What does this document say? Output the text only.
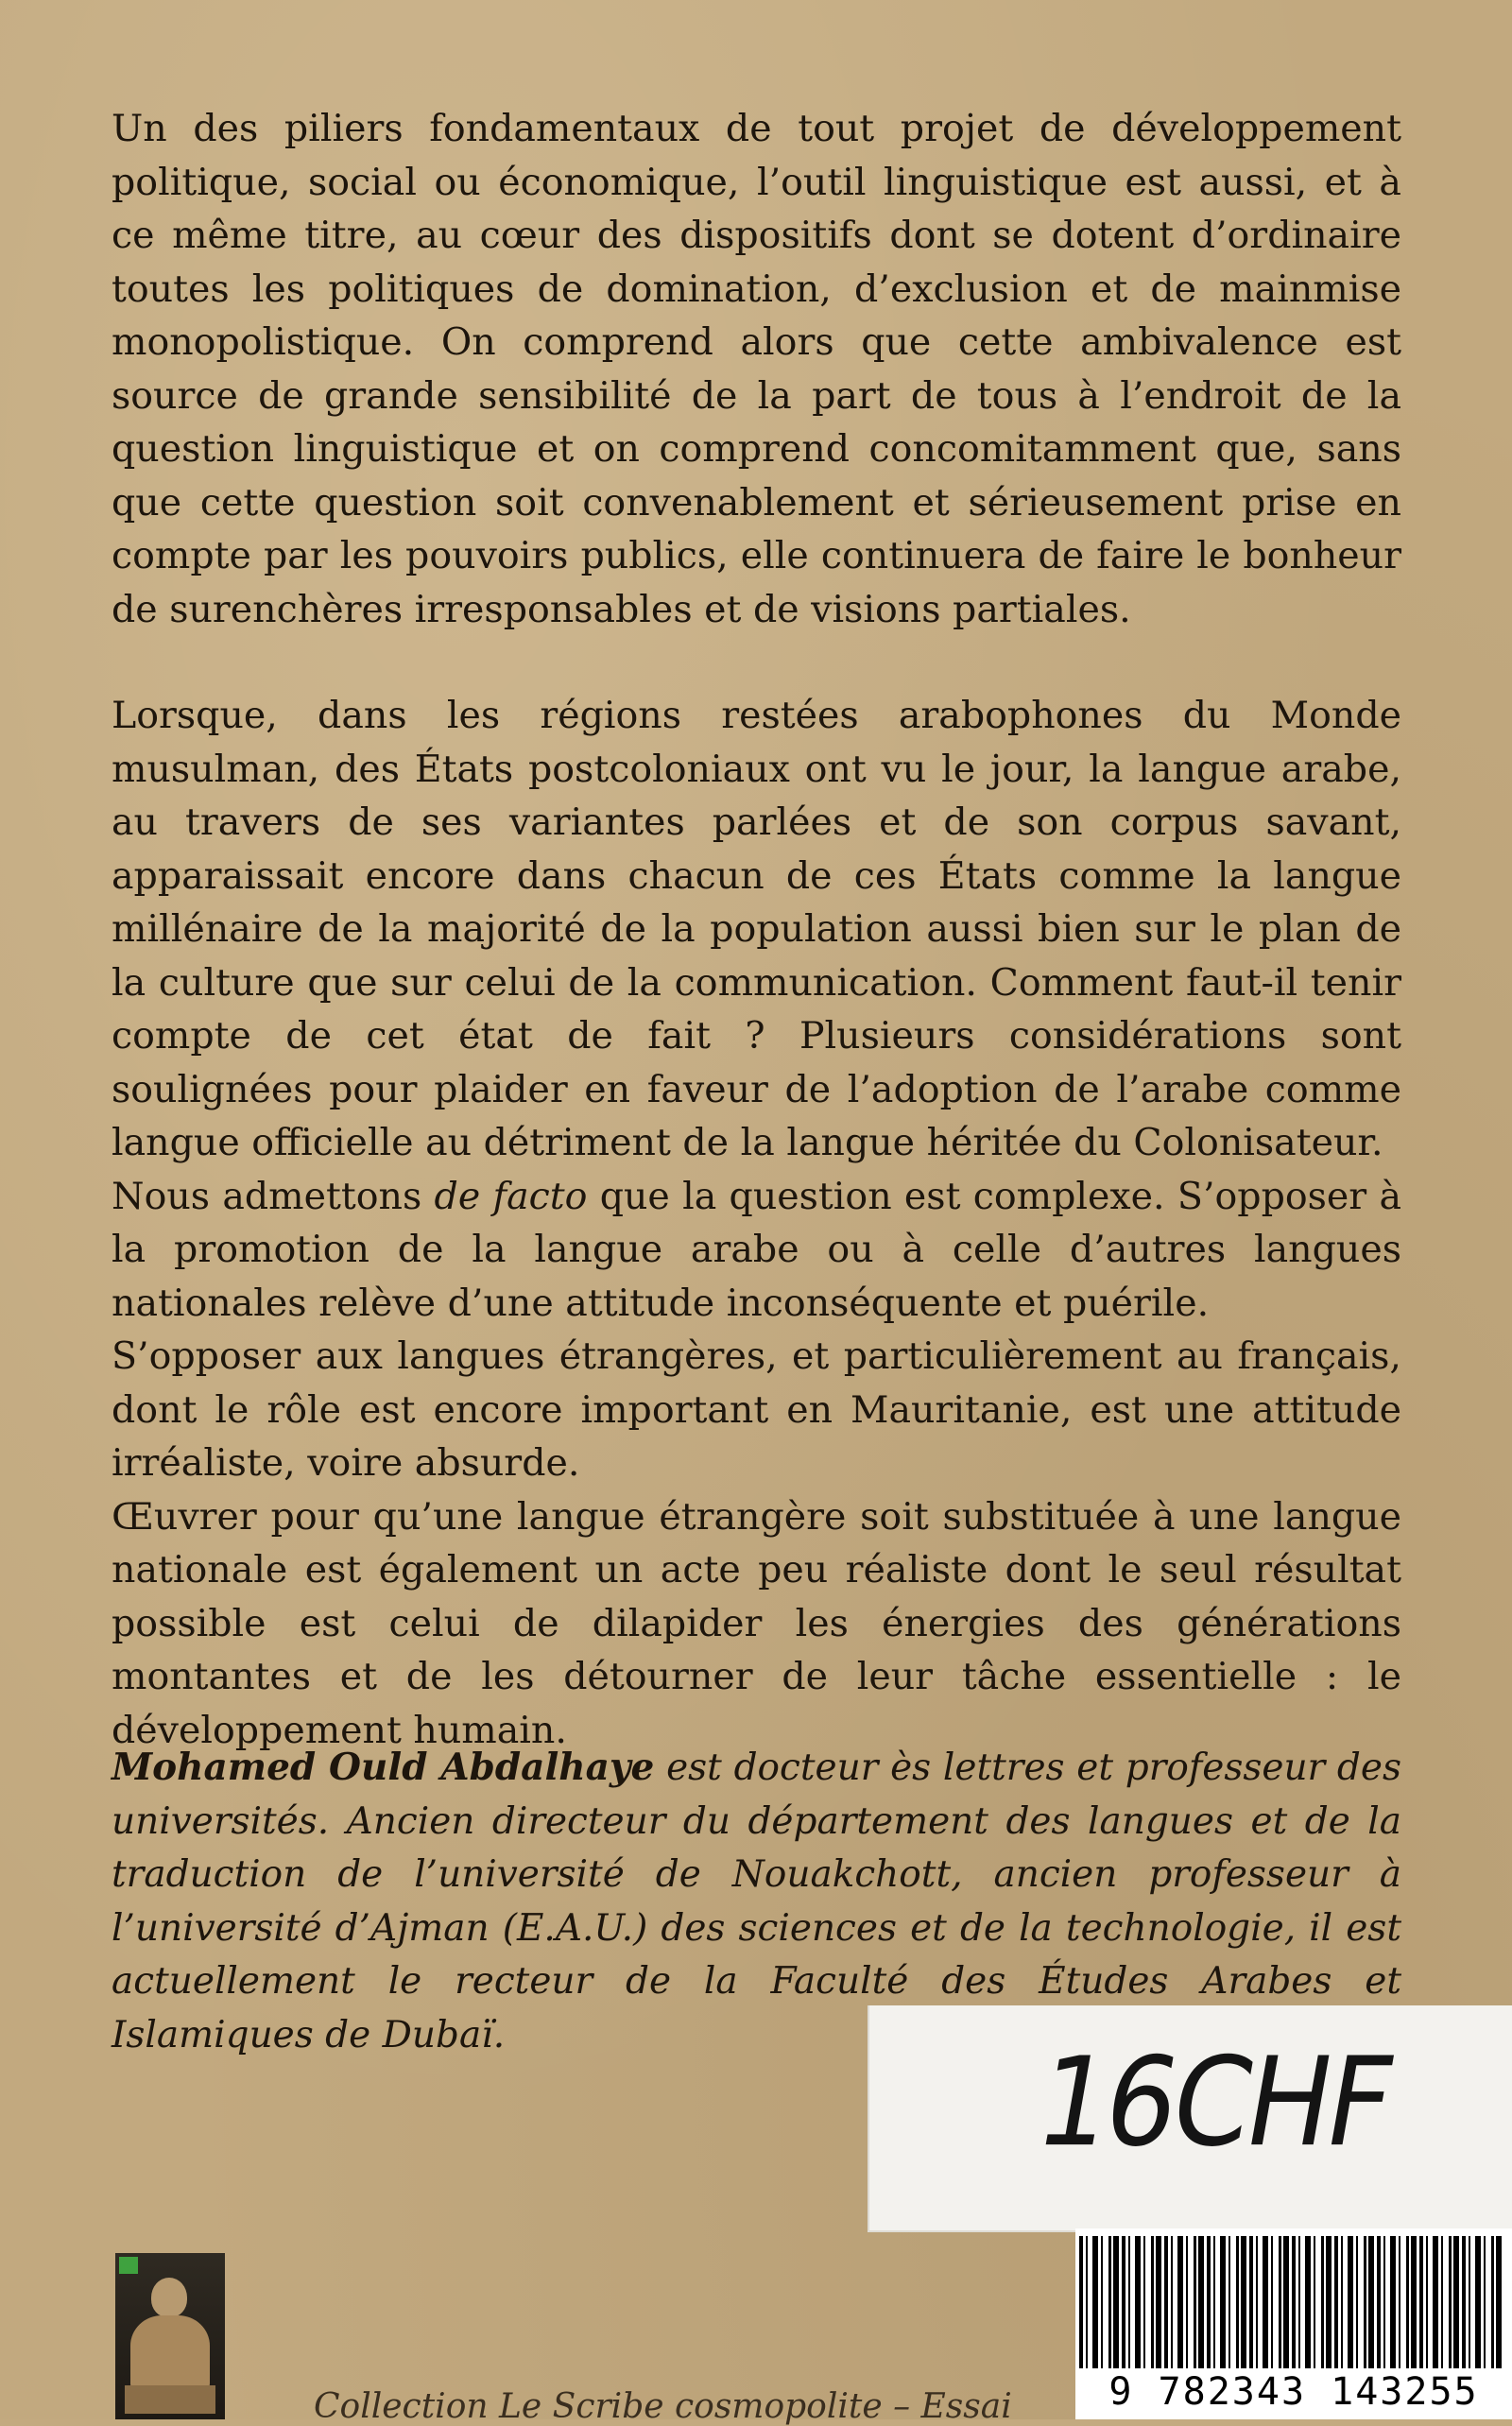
Un des piliers fondamentaux de tout projet de développement politique, social ou économique, l’outil linguistique est aussi, et à ce même titre, au cœur des dispositifs dont se dotent d’ordinaire toutes les politiques de domination, d’exclusion et de mainmise monopolistique. On comprend alors que cette ambivalence est source de grande sensibilité de la part de tous à l’endroit de la question linguistique et on comprend concomitamment que, sans que cette question soit convenablement et sérieusement prise en compte par les pouvoirs publics, elle continuera de faire le bonheur de surenchères irresponsables et de visions partiales.

Lorsque, dans les régions restées arabophones du Monde musulman, des États postcoloniaux ont vu le jour, la langue arabe, au travers de ses variantes parlées et de son corpus savant, apparaissait encore dans chacun de ces États comme la langue millénaire de la majorité de la population aussi bien sur le plan de la culture que sur celui de la communication. Comment faut-il tenir compte de cet état de fait ? Plusieurs considérations sont soulignées pour plaider en faveur de l’adoption de l’arabe comme langue officielle au détriment de la langue héritée du Colonisateur.

Nous admettons de facto que la question est complexe. S’opposer à la promotion de la langue arabe ou à celle d’autres langues nationales relève d’une attitude inconséquente et puérile.

S’opposer aux langues étrangères, et particulièrement au français, dont le rôle est encore important en Mauritanie, est une attitude irréaliste, voire absurde.

Œuvrer pour qu’une langue étrangère soit substituée à une langue nationale est également un acte peu réaliste dont le seul résultat possible est celui de dilapider les énergies des générations montantes et de les détourner de leur tâche essentielle : le développement humain.

Mohamed Ould Abdalhaye est docteur ès lettres et professeur des universités. Ancien directeur du département des langues et de la traduction de l’université de Nouakchott, ancien professeur à l’université d’Ajman (E.A.U.) des sciences et de la technologie, il est actuellement le recteur de la Faculté des Études Arabes et Islamiques de Dubaï.	16CHF
9 782343 143255
Collection Le Scribe cosmopolite – Essai
